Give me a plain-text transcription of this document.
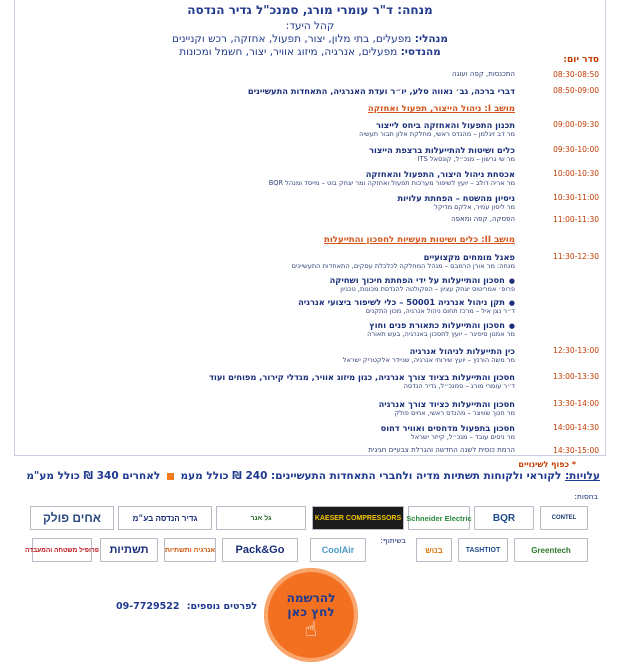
מנחה: ד"ר עומרי מורג, סמנכ"ל גדיר הנדסה
קהל היעד:
מנהלי: מפעלים, בתי מלון, יצור, תפעול, אחזקה, רכש וקניינים
מהנדסי: מפעלים, אנרגיה, מיזוג אוויר, יצור, חשמל ומכונות
סדר יום:
08:30-08:50
התכנסות, קפה ועוגה
08:50-09:00
דברי ברכה, גב׳ נאווה סלע, יו״ר ועדת האנרגיה, התאחדות התעשיינים
מושב I: ניהול הייצור, תפעול ואחזקה
09:00-09:30
תכנון התפעול והאחזקה ביחס לייצור
מר דב זיגלמן – מהנדס ראשי, מחלקת אלון תבור תעשיה
09:30-10:00
כלים ושיטות להתייעלות ברצפת הייצור
מר שי גרשון – מנכ״ל, קונסאל ITS
10:00-10:30
אכסחת ניהול היצור, התפעול והאחזקה
מר אריה דולב – יועץ לשיפור מערכות תפעול ואחזקה ומר יצחק בוט – מייסד ומנהל BQR
10:30-11:00
ניסיון מהשטח – הפחתת עלויות
מר ליסון עמיר, אלקם מדיקל
11:00-11:30
הפסקה, קפה ומאפה
מושב II: כלים ושיטות מעשיות לחסכון והתייעלות
11:30-12:30
פאנל מומחים מקצועיים
מנחה: מר אורן הרמבם – מנהל המחלקה לכלכלת עסקים, התאחדות התעשיינים
● חסכון והתייעלות על ידי הפחתת חיכוך ושחיקה
פרופ׳ אמריטוס יצחק עציון – הפקולטה להנדסת מכונות, טכניון
● תקן ניהול אנרגיה 50001 – כלי לשיפור ביצועי אנרגיה
ד״ר נצן איל – מרכז תחום ניהול אנרגיה, מכון התקנים
● חסכון והתייעלות כתאורת פנים וחוץ
מר אמנון סיפיגר – יועץ לחסכון באנרגיה, בעש תאורה
12:30-13:00
כין התייעלות לניהול אנרגיה
מר משה הורנץ – יועץ שירותי אנרגיה, שניידר אלקטריק ישראל
13:00-13:30
חסכון והתייעלות בציוד צורך אנרגיה, כגון מיזוג אוויר, מגדלי קירור, מפוחים ועוד
ד״ר עומרי מורג – סמנכ״ל, גדיר הנדסה
13:30-14:00
חסכון והתייעלות כציוד צורך אנרגיה
מר חנוך שוויצר – מהנדס ראשי, אחים פולק
14:00-14:30
חסכון בתפעול מדחסים ואוויר דחוס
מר ניסים עובד – מנכ״ל, קייזר ישראל
14:30-15:00
הרמת כוסית לשנה החדשה והגרלת צבעיים חגיגית
* כפוף לשינויים
עלויות: לקוראי ולקוחות תשתיות מדיה ולחברי התאחדות התעשיינים: 240 ₪ כולל מעמ  לאחרים 340 ₪ כולל מע"מ
בחסות:
CONTEL
BQR
Schneider Electric
KAESER COMPRESSORS
גל אנר
גדיר הנדסה בע״מ
אחים פולק
בשיתוף:
Greentech
TASHTIOT
בנוש
CoolAir
Pack&Go
אנרגיה ותשתיות
תשתיות
פרופיל משטחה והמעבדה
להרשמה
לחץ כאן
☝
לפרטים נוספים: 09-7729522
